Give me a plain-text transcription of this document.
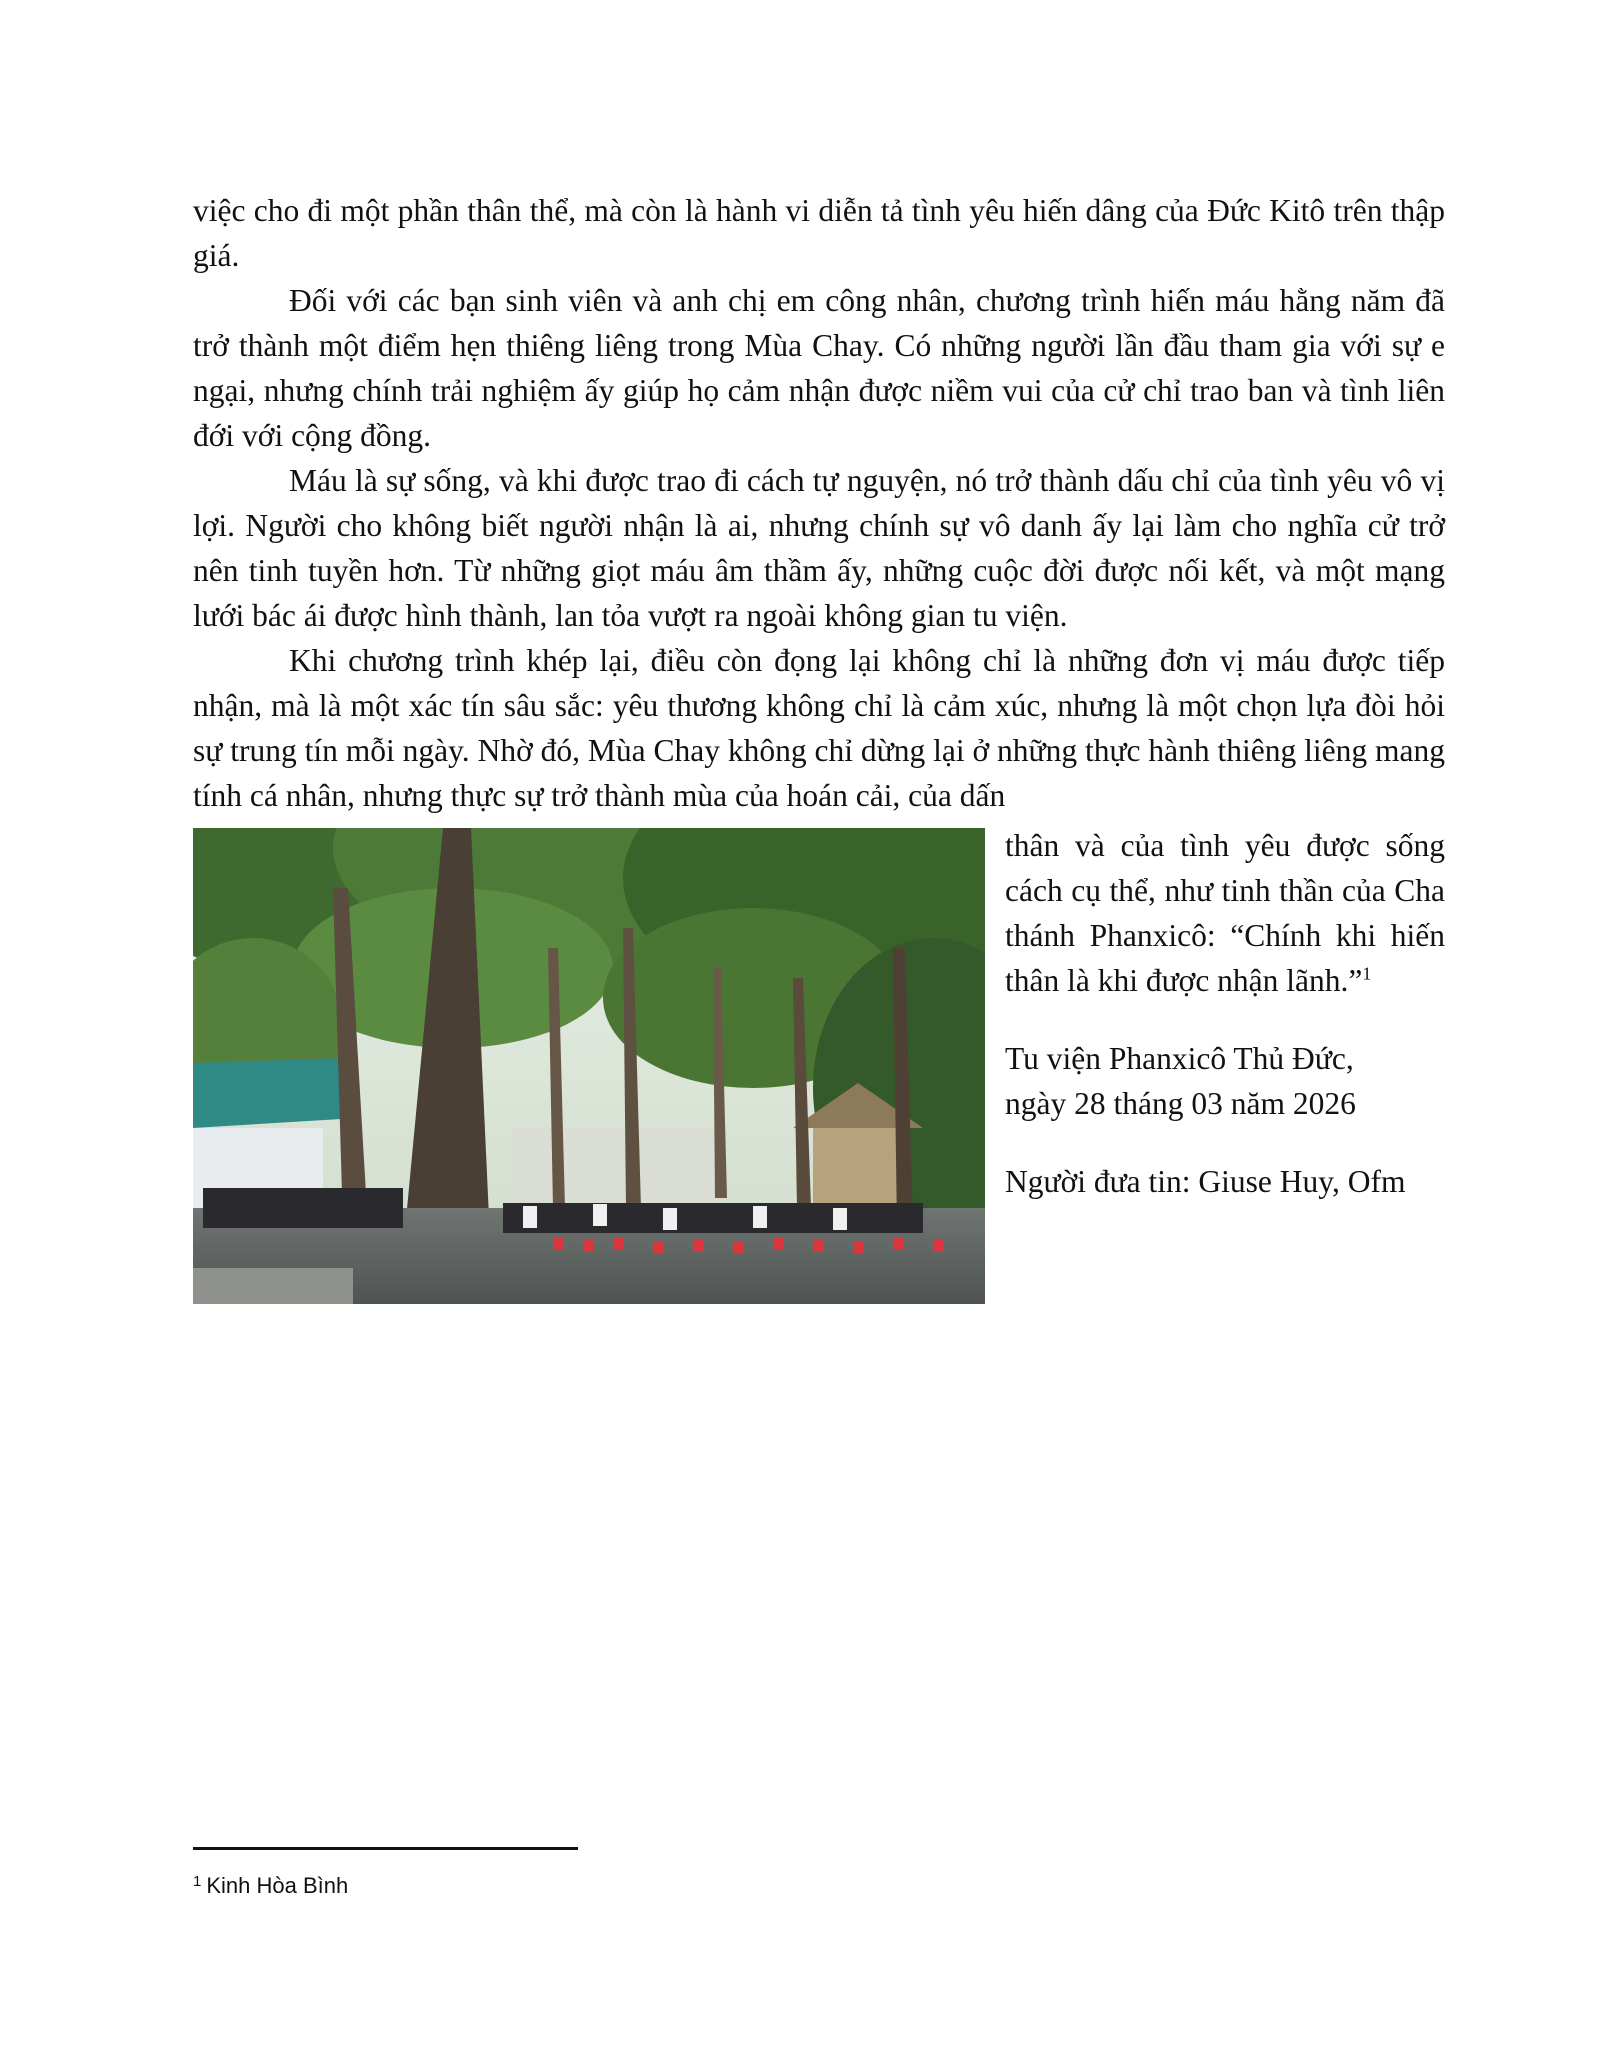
việc cho đi một phần thân thể, mà còn là hành vi diễn tả tình yêu hiến dâng của Đức Kitô trên thập giá.

Đối với các bạn sinh viên và anh chị em công nhân, chương trình hiến máu hằng năm đã trở thành một điểm hẹn thiêng liêng trong Mùa Chay. Có những người lần đầu tham gia với sự e ngại, nhưng chính trải nghiệm ấy giúp họ cảm nhận được niềm vui của cử chỉ trao ban và tình liên đới với cộng đồng.

Máu là sự sống, và khi được trao đi cách tự nguyện, nó trở thành dấu chỉ của tình yêu vô vị lợi. Người cho không biết người nhận là ai, nhưng chính sự vô danh ấy lại làm cho nghĩa cử trở nên tinh tuyền hơn. Từ những giọt máu âm thầm ấy, những cuộc đời được nối kết, và một mạng lưới bác ái được hình thành, lan tỏa vượt ra ngoài không gian tu viện.

Khi chương trình khép lại, điều còn đọng lại không chỉ là những đơn vị máu được tiếp nhận, mà là một xác tín sâu sắc: yêu thương không chỉ là cảm xúc, nhưng là một chọn lựa đòi hỏi sự trung tín mỗi ngày. Nhờ đó, Mùa Chay không chỉ dừng lại ở những thực hành thiêng liêng mang tính cá nhân, nhưng thực sự trở thành mùa của hoán cải, của dấn

thân và của tình yêu được sống cách cụ thể, như tinh thần của Cha thánh Phanxicô: “Chính khi hiến thân là khi được nhận lãnh.”$^1$

Tu viện Phanxicô Thủ Đức,

ngày 28 tháng 03 năm 2026

Người đưa tin: Giuse Huy, Ofm

$^1$ Kinh Hòa Bình
